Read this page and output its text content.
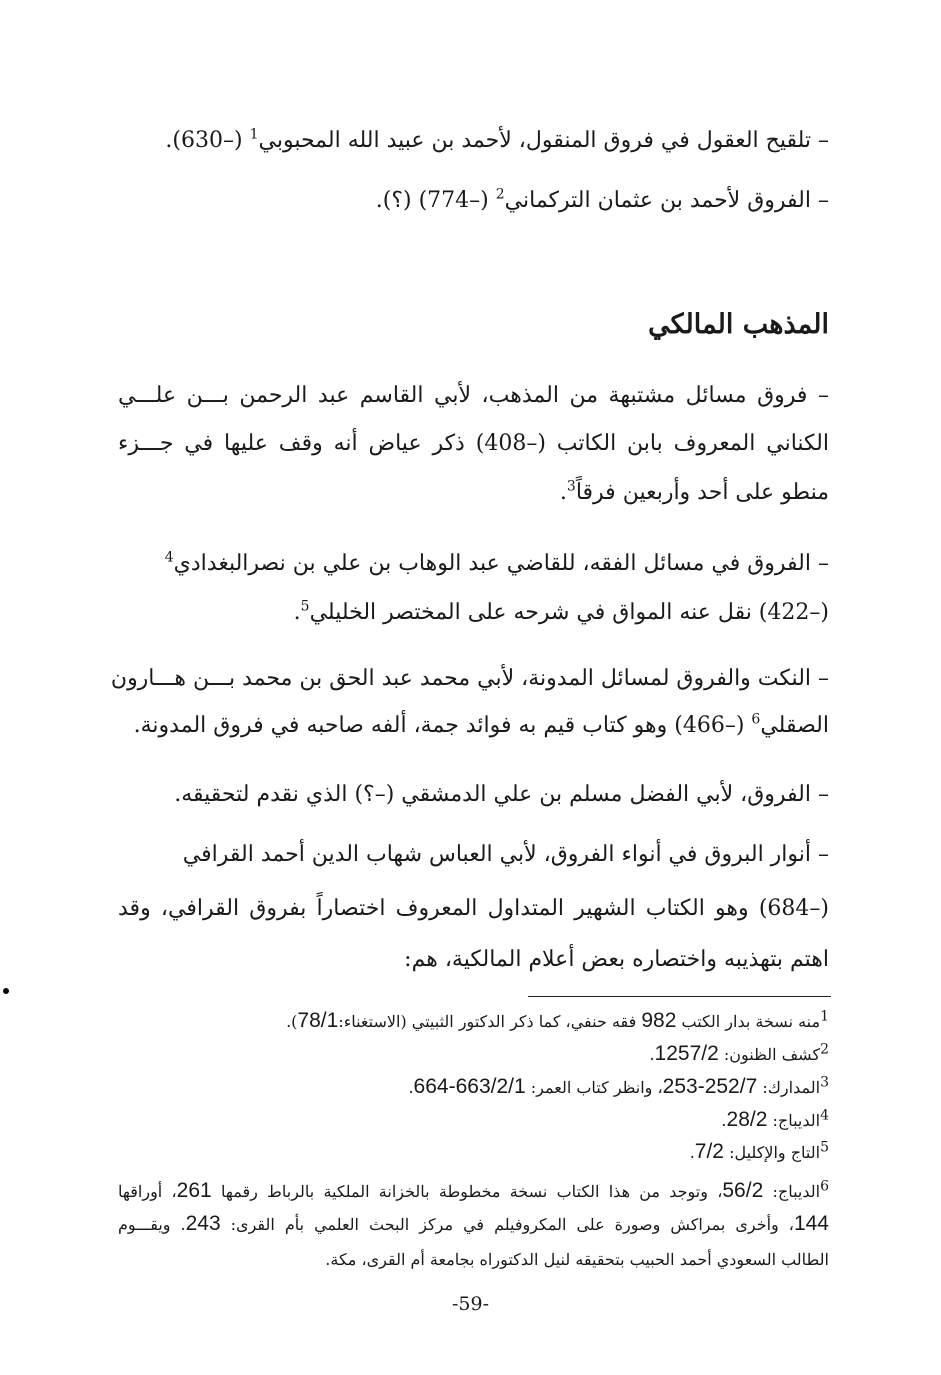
– تلقيح العقول في فروق المنقول، لأحمد بن عبيد الله المحبوبي$^1$ (–630).
– الفروق لأحمد بن عثمان التركماني$^2$ (–774) (؟).
المذهب المالكي
– فروق مسائل مشتبهة من المذهب، لأبي القاسم عبد الرحمن بـــن علـــي
الكناني المعروف بابن الكاتب (–408) ذكر عياض أنه وقف عليها في جـــزء
منطو على أحد وأربعين فرقاً$^3$.
– الفروق في مسائل الفقه، للقاضي عبد الوهاب بن علي بن نصرالبغدادي$^4$
(–422) نقل عنه المواق في شرحه على المختصر الخليلي$^5$.
– النكت والفروق لمسائل المدونة، لأبي محمد عبد الحق بن محمد بـــن هـــارون
الصقلي$^6$ (–466) وهو كتاب قيم به فوائد جمة، ألفه صاحبه في فروق المدونة.
– الفروق، لأبي الفضل مسلم بن علي الدمشقي (–؟) الذي نقدم لتحقيقه.
– أنوار البروق في أنواء الفروق، لأبي العباس شهاب الدين أحمد القرافي
(–684) وهو الكتاب الشهير المتداول المعروف اختصاراً بفروق القرافي، وقد
اهتم بتهذيبه واختصاره بعض أعلام المالكية، هم:
$^1$منه نسخة بدار الكتب 982 فقه حنفي، كما ذكر الدكتور الثبيتي (الاستغناء:78/1).
$^2$كشف الظنون: 1257/2.
$^3$المدارك: 252/7-253، وانظر كتاب العمر: 663/2/1-664.
$^4$الديباج: 28/2.
$^5$التاج والإكليل: 7/2.
$^6$الديباج: 56/2، وتوجد من هذا الكتاب نسخة مخطوطة بالخزانة الملكية بالرباط رقمها 261، أوراقها
144، وأخرى بمراكش وصورة على المكروفيلم في مركز البحث العلمي بأم القرى: 243. ويقـــوم
الطالب السعودي أحمد الحبيب بتحقيقه لنيل الدكتوراه بجامعة أم القرى، مكة.
-59-
